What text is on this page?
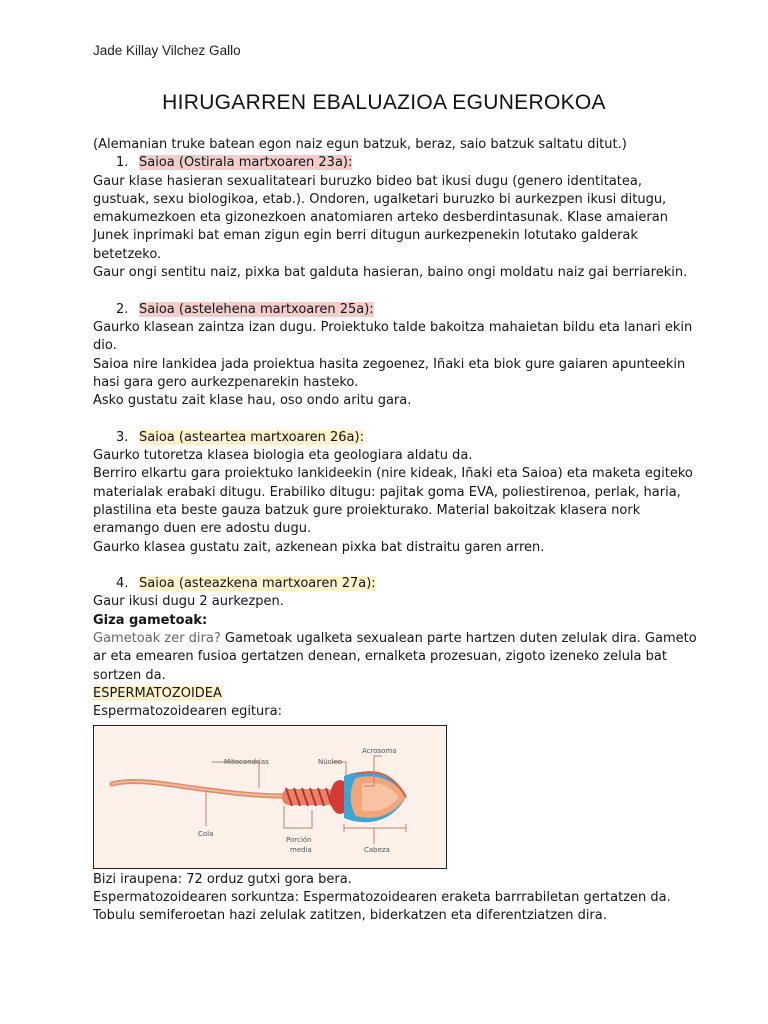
Jade Killay Vilchez Gallo
HIRUGARREN EBALUAZIOA EGUNEROKOA
(Alemanian truke batean egon naiz egun batzuk, beraz, saio batzuk saltatu ditut.)
1. Saioa (Ostirala martxoaren 23a):
Gaur klase hasieran sexualitateari buruzko bideo bat ikusi dugu (genero identitatea,
gustuak, sexu biologikoa, etab.). Ondoren, ugalketari buruzko bi aurkezpen ikusi ditugu,
emakumezkoen eta gizonezkoen anatomiaren arteko desberdintasunak. Klase amaieran
Junek inprimaki bat eman zigun egin berri ditugun aurkezpenekin lotutako galderak
betetzeko.
Gaur ongi sentitu naiz, pixka bat galduta hasieran, baino ongi moldatu naiz gai berriarekin.
2. Saioa (astelehena martxoaren 25a):
Gaurko klasean zaintza izan dugu. Proiektuko talde bakoitza mahaietan bildu eta lanari ekin
dio.
Saioa nire lankidea jada proiektua hasita zegoenez, Iñaki eta biok gure gaiaren apunteekin
hasi gara gero aurkezpenarekin hasteko.
Asko gustatu zait klase hau, oso ondo aritu gara.
3. Saioa (asteartea martxoaren 26a):
Gaurko tutoretza klasea biologia eta geologiara aldatu da.
Berriro elkartu gara proiektuko lankideekin (nire kideak, Iñaki eta Saioa) eta maketa egiteko
materialak erabaki ditugu. Erabiliko ditugu: pajitak goma EVA, poliestirenoa, perlak, haria,
plastilina eta beste gauza batzuk gure proiekturako. Material bakoitzak klasera nork
eramango duen ere adostu dugu.
Gaurko klasea gustatu zait, azkenean pixka bat distraitu garen arren.
4. Saioa (asteazkena martxoaren 27a):
Gaur ikusi dugu 2 aurkezpen.
Giza gametoak:
Gametoak zer dira? Gametoak ugalketa sexualean parte hartzen duten zelulak dira. Gameto
ar eta emearen fusioa gertatzen denean, ernalketa prozesuan, zigoto izeneko zelula bat
sortzen da.
ESPERMATOZOIDEA
Espermatozoidearen egitura:
Mitocondrias	Núcleo
Acrosoma
Cola
Porción
media	Cabeza
Bizi iraupena: 72 orduz gutxi gora bera.
Espermatozoidearen sorkuntza: Espermatozoidearen eraketa barrrabiletan gertatzen da.
Tobulu semiferoetan hazi zelulak zatitzen, biderkatzen eta diferentziatzen dira.
